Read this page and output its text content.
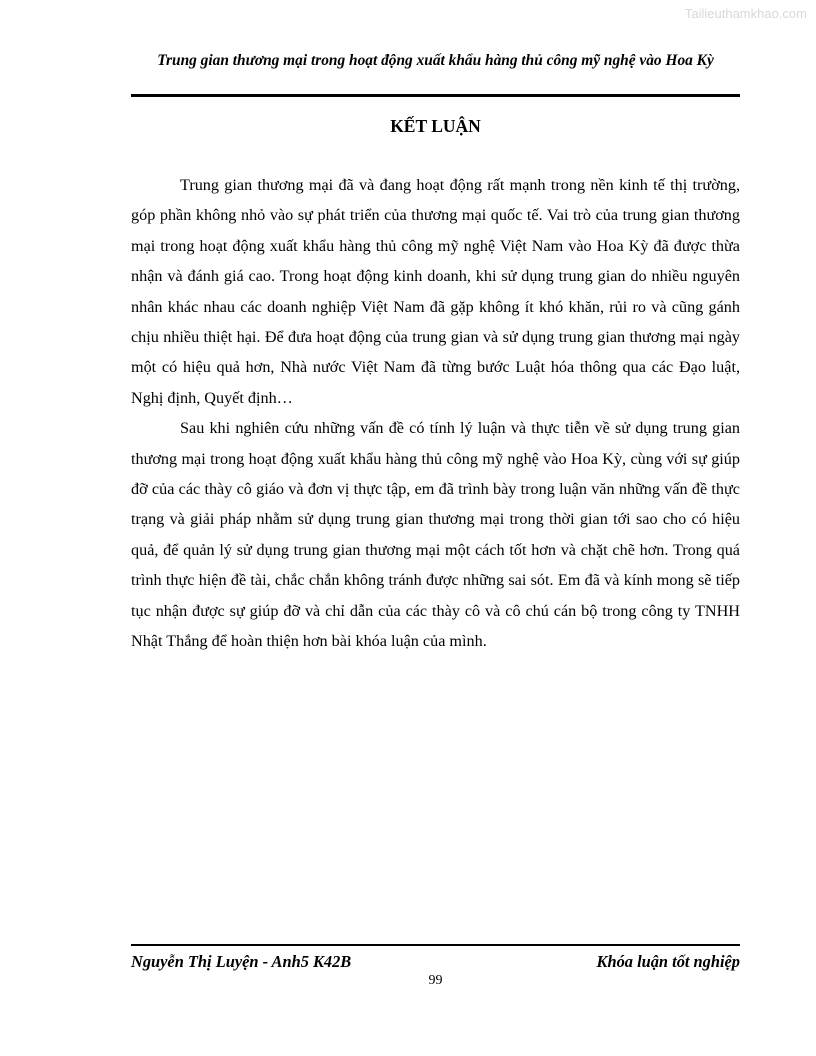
Tailieuthamkhao.com
Trung gian thương mại trong hoạt động xuất khẩu hàng thủ công mỹ nghệ vào Hoa Kỳ
KẾT LUẬN

Trung gian thương mại đã và đang hoạt động rất mạnh trong nền kinh tế thị trường, góp phần không nhỏ vào sự phát triển của thương mại quốc tế. Vai trò của trung gian thương mại trong hoạt động xuất khẩu hàng thủ công mỹ nghệ Việt Nam vào Hoa Kỳ đã được thừa nhận và đánh giá cao. Trong hoạt động kinh doanh, khi sử dụng trung gian do nhiều nguyên nhân khác nhau các doanh nghiệp Việt Nam đã gặp không ít khó khăn, rủi ro và cũng gánh chịu nhiều thiệt hại. Để đưa hoạt động của trung gian và sử dụng trung gian thương mại ngày một có hiệu quả hơn, Nhà nước Việt Nam đã từng bước Luật hóa thông qua các Đạo luật, Nghị định, Quyết định…

Sau khi nghiên cứu những vấn đề có tính lý luận và thực tiễn về sử dụng trung gian thương mại trong hoạt động xuất khẩu hàng thủ công mỹ nghệ vào Hoa Kỳ, cùng với sự giúp đỡ của các thày cô giáo và đơn vị thực tập, em đã trình bày trong luận văn những vấn đề thực trạng và giải pháp nhằm sử dụng trung gian thương mại trong thời gian tới sao cho có hiệu quả, để quản lý sử dụng trung gian thương mại một cách tốt hơn và chặt chẽ hơn. Trong quá trình thực hiện đề tài, chắc chắn không tránh được những sai sót. Em đã và kính mong sẽ tiếp tục nhận được sự giúp đỡ và chỉ dẫn của các thày cô và cô chú cán bộ trong công ty TNHH Nhật Thắng để hoàn thiện hơn bài khóa luận của mình.

Nguyễn Thị Luyện - Anh5 K42B	Khóa luận tốt nghiệp
99
